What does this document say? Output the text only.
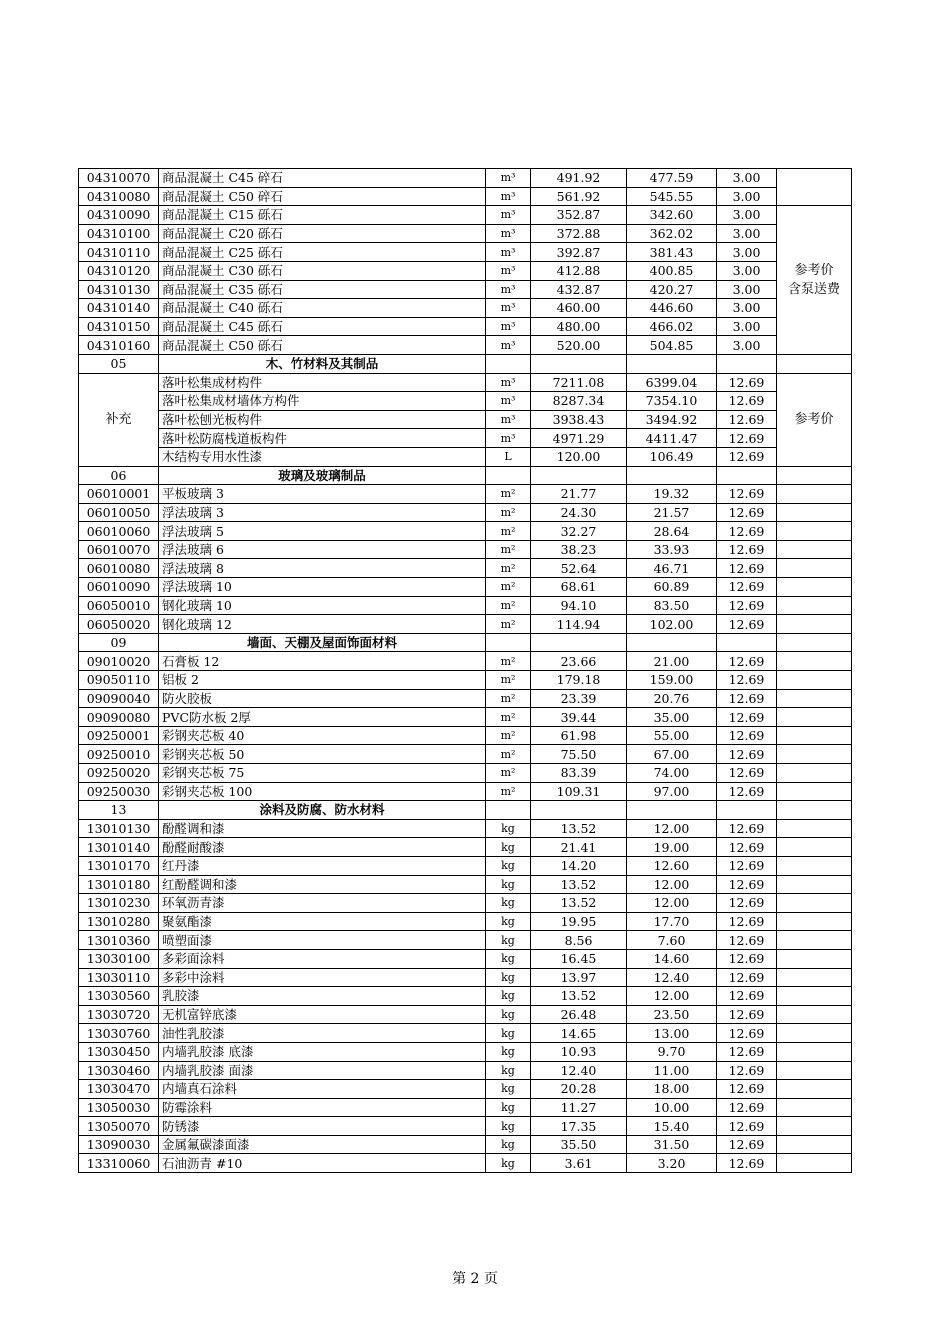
04310070	商品混凝土 C45 碎石	m³	491.92	477.59	3.00	
04310080	商品混凝土 C50 碎石	m³	561.92	545.55	3.00	
04310090	商品混凝土 C15 砾石	m³	352.87	342.60	3.00	参考价
含泵送费

04310100	商品混凝土 C20 砾石	m³	372.88	362.02	3.00	
04310110	商品混凝土 C25 砾石	m³	392.87	381.43	3.00	
04310120	商品混凝土 C30 砾石	m³	412.88	400.85	3.00	
04310130	商品混凝土 C35 砾石	m³	432.87	420.27	3.00	
04310140	商品混凝土 C40 砾石	m³	460.00	446.60	3.00	
04310150	商品混凝土 C45 砾石	m³	480.00	466.02	3.00	
04310160	商品混凝土 C50 砾石	m³	520.00	504.85	3.00	
05	木、竹材料及其制品					
补充	落叶松集成材构件	m³	7211.08	6399.04	12.69	参考价
	落叶松集成材墙体方构件	m³	8287.34	7354.10	12.69	
	落叶松刨光板构件	m³	3938.43	3494.92	12.69	
	落叶松防腐栈道板构件	m³	4971.29	4411.47	12.69	
	木结构专用水性漆	L	120.00	106.49	12.69	
06	玻璃及玻璃制品					
06010001	平板玻璃 3	m²	21.77	19.32	12.69	
06010050	浮法玻璃 3	m²	24.30	21.57	12.69	
06010060	浮法玻璃 5	m²	32.27	28.64	12.69	
06010070	浮法玻璃 6	m²	38.23	33.93	12.69	
06010080	浮法玻璃 8	m²	52.64	46.71	12.69	
06010090	浮法玻璃 10	m²	68.61	60.89	12.69	
06050010	钢化玻璃 10	m²	94.10	83.50	12.69	
06050020	钢化玻璃 12	m²	114.94	102.00	12.69	
09	墙面、天棚及屋面饰面材料					
09010020	石膏板 12	m²	23.66	21.00	12.69	
09050110	铝板 2	m²	179.18	159.00	12.69	
09090040	防火胶板	m²	23.39	20.76	12.69	
09090080	PVC防水板 2厚	m²	39.44	35.00	12.69	
09250001	彩钢夹芯板 40	m²	61.98	55.00	12.69	
09250010	彩钢夹芯板 50	m²	75.50	67.00	12.69	
09250020	彩钢夹芯板 75	m²	83.39	74.00	12.69	
09250030	彩钢夹芯板 100	m²	109.31	97.00	12.69	
13	涂料及防腐、防水材料					
13010130	酚醛调和漆	kg	13.52	12.00	12.69	
13010140	酚醛耐酸漆	kg	21.41	19.00	12.69	
13010170	红丹漆	kg	14.20	12.60	12.69	
13010180	红酚醛调和漆	kg	13.52	12.00	12.69	
13010230	环氧沥青漆	kg	13.52	12.00	12.69	
13010280	聚氨酯漆	kg	19.95	17.70	12.69	
13010360	喷塑面漆	kg	8.56	7.60	12.69	
13030100	多彩面涂料	kg	16.45	14.60	12.69	
13030110	多彩中涂料	kg	13.97	12.40	12.69	
13030560	乳胶漆	kg	13.52	12.00	12.69	
13030720	无机富锌底漆	kg	26.48	23.50	12.69	
13030760	油性乳胶漆	kg	14.65	13.00	12.69	
13030450	内墙乳胶漆 底漆	kg	10.93	9.70	12.69	
13030460	内墙乳胶漆 面漆	kg	12.40	11.00	12.69	
13030470	内墙真石涂料	kg	20.28	18.00	12.69	
13050030	防霉涂料	kg	11.27	10.00	12.69	
13050070	防锈漆	kg	17.35	15.40	12.69	
13090030	金属氟碳漆面漆	kg	35.50	31.50	12.69	
13310060	石油沥青 #10	kg	3.61	3.20	12.69	
第 2 页
